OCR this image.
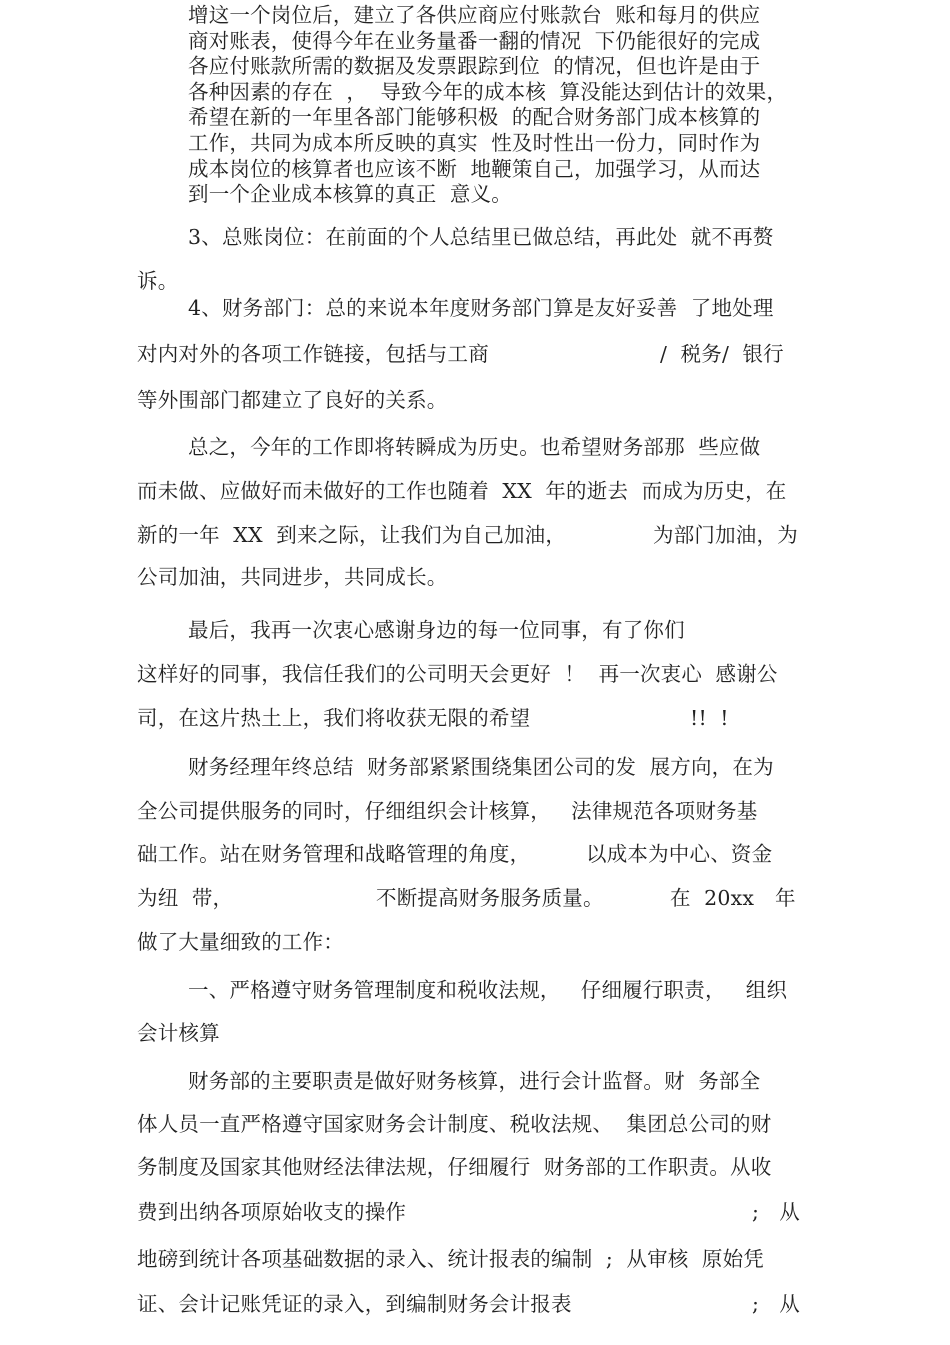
增这一个岗位后，建立了各供应商应付账款台  账和每月的供应
商对账表，使得今年在业务量番一翻的情况  下仍能很好的完成
各应付账款所需的数据及发票跟踪到位  的情况，但也许是由于
各种因素的存在  ，  导致今年的成本核  算没能达到估计的效果，
希望在新的一年里各部门能够积极  的配合财务部门成本核算的
工作，共同为成本所反映的真实  性及时性出一份力，同时作为
成本岗位的核算者也应该不断  地鞭策自己，加强学习，从而达
到一个企业成本核算的真正  意义。
3、总账岗位：在前面的个人总结里已做总结，再此处  就不再赘
诉。
4、财务部门：总的来说本年度财务部门算是友好妥善  了地处理
对内对外的各项工作链接，包括与工商	/  税务/  银行
等外围部门都建立了良好的关系。
总之，今年的工作即将转瞬成为历史。也希望财务部那  些应做
而未做、应做好而未做好的工作也随着  XX  年的逝去  而成为历史，在
新的一年  XX  到来之际，让我们为自己加油，	为部门加油，为
公司加油，共同进步，共同成长。
最后，我再一次衷心感谢身边的每一位同事，有了你们
这样好的同事，我信任我们的公司明天会更好  ！  再一次衷心  感谢公
司，在这片热土上，我们将收获无限的希望	!!  !
财务经理年终总结  财务部紧紧围绕集团公司的发  展方向，在为
全公司提供服务的同时，仔细组织会计核算，   法律规范各项财务基
础工作。站在财务管理和战略管理的角度，	以成本为中心、资金
为纽  带，	不断提高财务服务质量。	在  20xx 年
做了大量细致的工作：
一、严格遵守财务管理制度和税收法规，   仔细履行职责，   组织
会计核算
财务部的主要职责是做好财务核算，进行会计监督。财  务部全
体人员一直严格遵守国家财务会计制度、税收法规、  集团总公司的财
务制度及国家其他财经法律法规，仔细履行  财务部的工作职责。从收
费到出纳各项原始收支的操作	;   从
地磅到统计各项基础数据的录入、统计报表的编制  ;  从审核  原始凭
证、会计记账凭证的录入，到编制财务会计报表	;   从
